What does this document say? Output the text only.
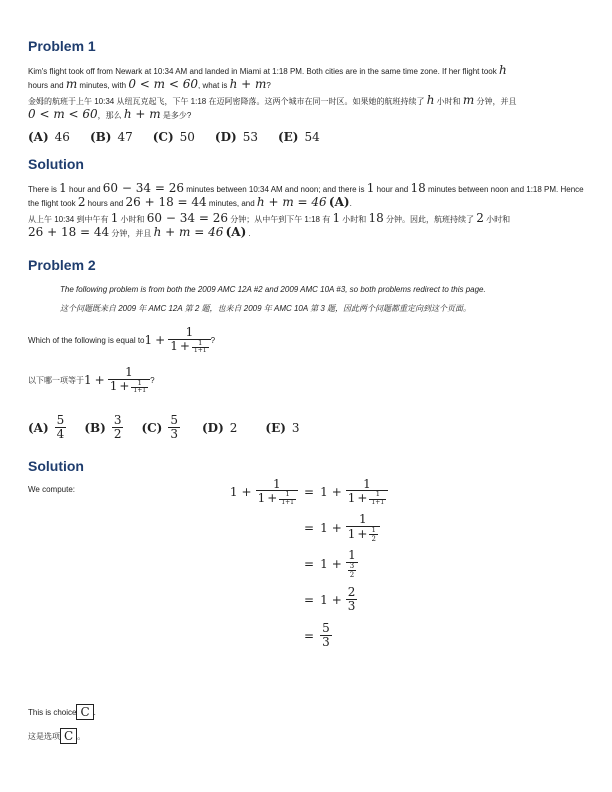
Problem 1

Kim's flight took off from Newark at 10:34 AM and landed in Miami at 1:18 PM. Both cities are in the same time zone. If her flight took h
hours and m minutes, with 0 < m < 60, what is h + m?

金姆的航班于上午 10:34 从纽瓦克起飞，下午 1:18 在迈阿密降落。这两个城市在同一时区。如果她的航班持续了 h 小时和 m 分钟，并且
0 < m < 60，那么 h + m 是多少?

(A) 46 (B) 47 (C) 50 (D) 53 (E) 54
Solution

There is 1 hour and 60 − 34 = 26 minutes between 10:34 AM and noon; and there is 1 hour and 18 minutes between noon and 1:18 PM. Hence the flight took 2 hours and 26 + 18 = 44 minutes, and h + m = 46 (A).

从上午 10:34 到中午有 1 小时和 60 − 34 = 26 分钟；从中午到下午 1:18 有 1 小时和 18 分钟。因此，航班持续了 2 小时和
26 + 18 = 44 分钟，并且 h + m = 46 (A) .

Problem 2

The following problem is from both the 2009 AMC 12A #2 and 2009 AMC 10A #3, so both problems redirect to this page.

这个问题既来自 2009 年 AMC 12A 第 2 题，也来自 2009 年 AMC 10A 第 3 题，因此两个问题都重定向到这个页面。

Which of the following is equal to $1 + \frac{1}{1 + \frac{1}{1+1}}$ ?
以下哪一项等于 $1 + \frac{1}{1 + \frac{1}{1+1}}$ ?
$(A) \frac{5}{4} (B) \frac{3}{2} (C) \frac{5}{3} (D)$ 2 (E) 3
Solution

We compute:	$1 + \frac{1}{1 + \frac{1}{1+1}} = 1 + \frac{1}{1 + \frac{1}{1+1}}$
= $1 + \frac{1}{1 + \frac{1}{2}}$
= $1 + \frac{1}{\frac{3}{2}}$
= $1 + \frac{2}{3}$
= $\frac{5}{3}$
This is choice C .
这是选项 C 。
